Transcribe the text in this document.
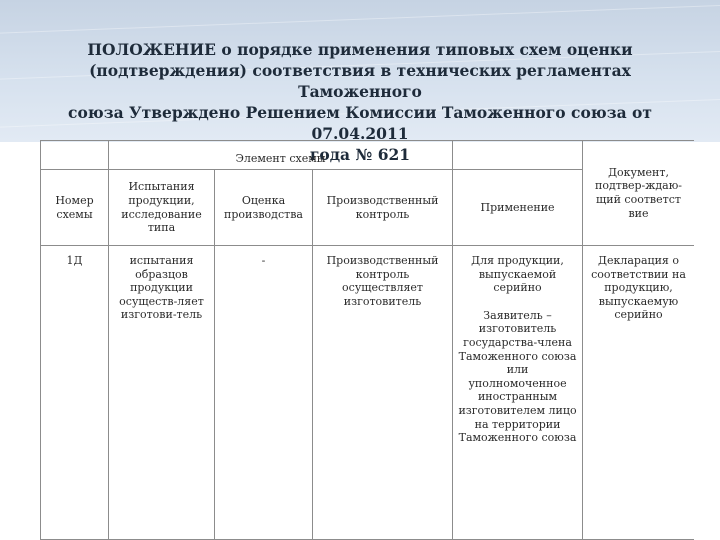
ПОЛОЖЕНИЕ о порядке применения типовых схем оценки
(подтверждения) соответствия в технических регламентах Таможенного
союза Утверждено Решением Комиссии Таможенного союза от 07.04.2011
года № 621
	Элемент схемы				Документ, подтвер-ждаю-щий соответст вие
Номер схемы	Испытания продукции, исследование типа	Оценка производства	Производственный контроль	Применение	
1Д	испытания образцов продукции осуществ-ляет изготови-тель	-	Производственный контроль осуществляет изготовитель	Для продукции, выпускаемой серийно
Заявитель – изготовитель государства-члена Таможенного союза или уполномоченное иностранным изготовителем лицо на территории Таможенного союза	Декларация о соответствии на продукцию, выпускаемую серийно
